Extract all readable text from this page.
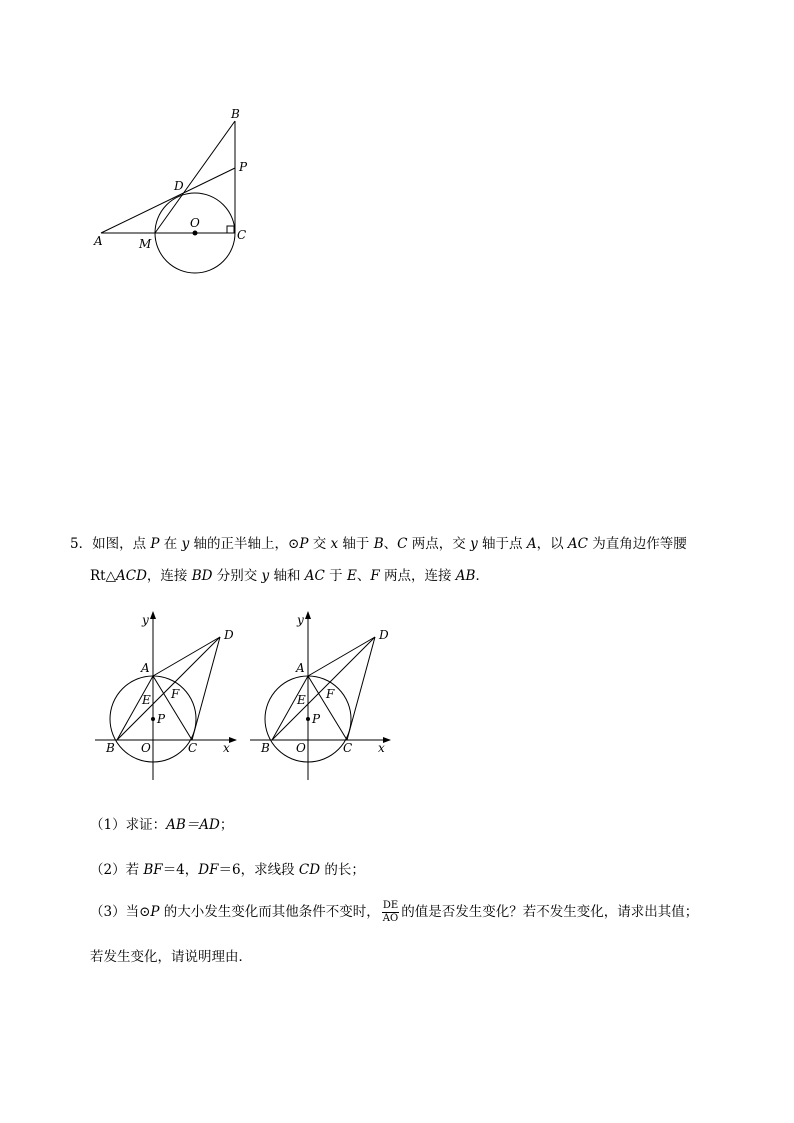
B
P
D
O
A	M
C
5．如图，点 P 在 y 轴的正半轴上，⊙P 交 x 轴于 B、C 两点，交 y 轴于点 A，以 AC 为直角边作等腰
Rt△ACD，连接 BD 分别交 y 轴和 AC 于 E、F 两点，连接 AB．
y
D
A
E F
P
B O	C x
y
D
A
E F
P
B O	C x
（1）求证：AB＝AD；
（2）若 BF＝4，DF＝6，求线段 CD 的长；
（3）当⊙P 的大小发生变化而其他条件不变时， $\frac{DE}{AO}$ 的值是否发生变化？若不发生变化，请求出其值；
若发生变化，请说明理由．
